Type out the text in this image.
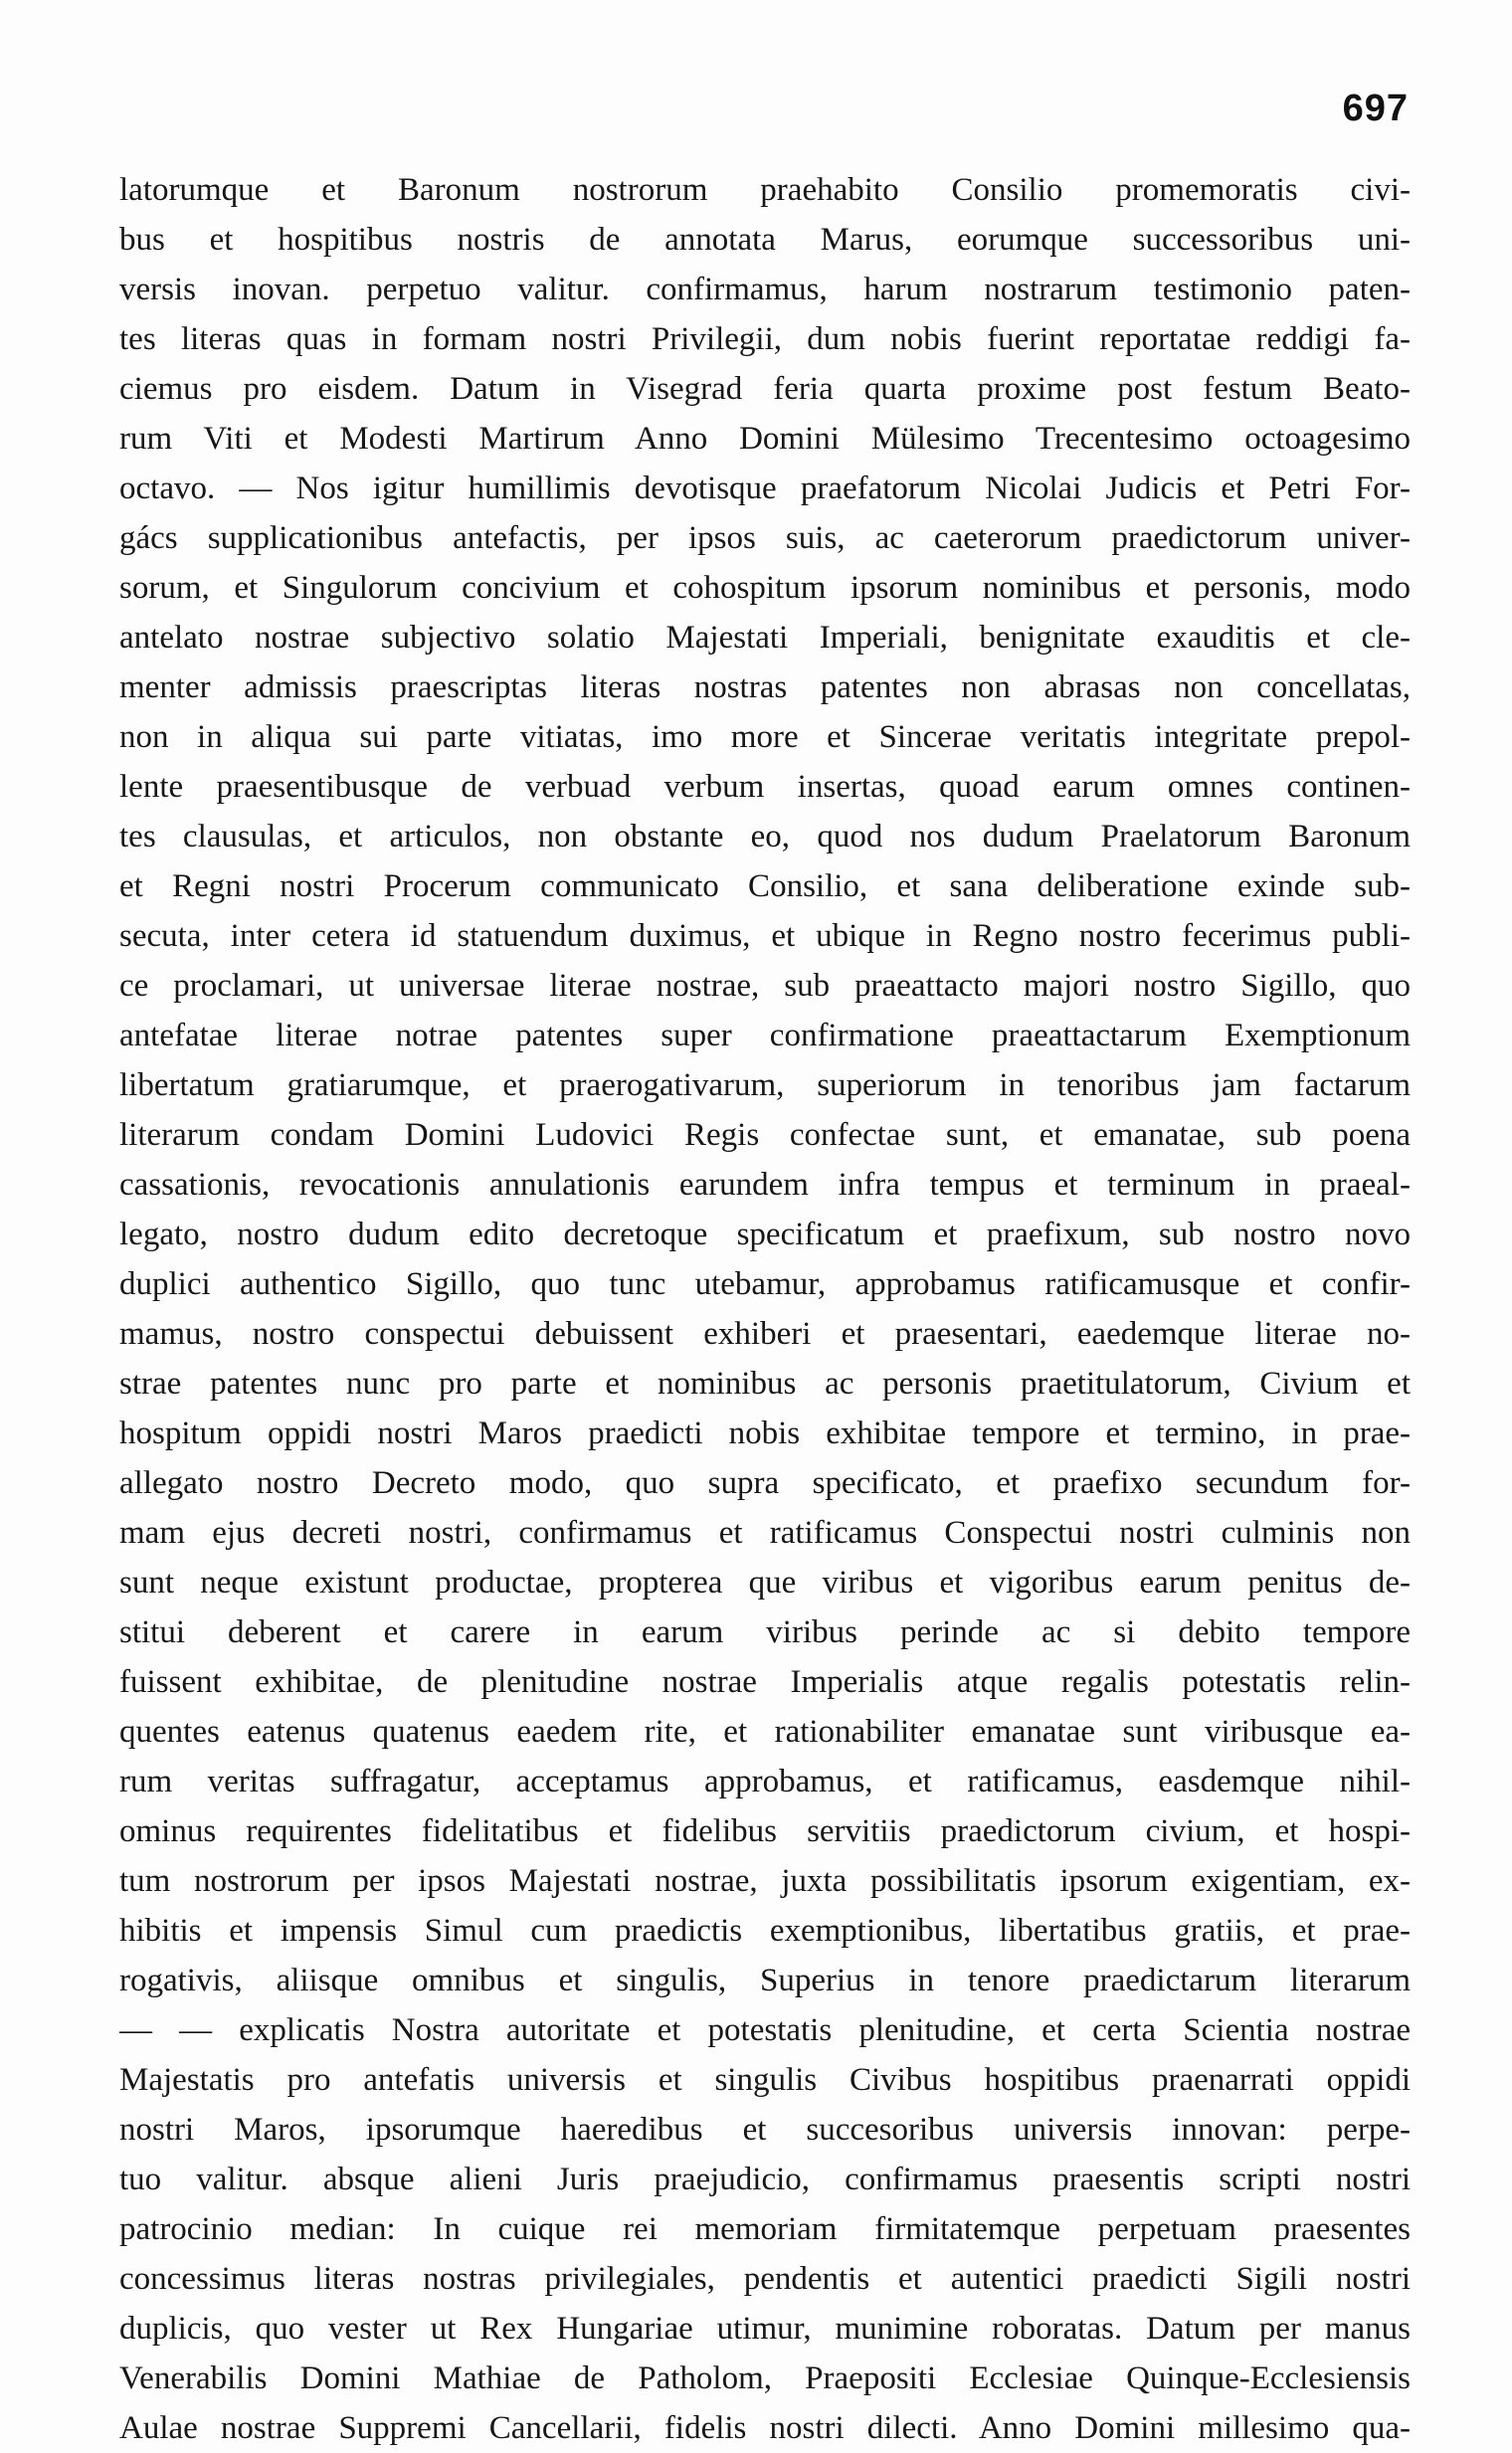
697
latorumque et Baronum nostrorum praehabito Consilio promemoratis civi-
bus et hospitibus nostris de annotata Marus, eorumque successoribus uni-
versis inovan. perpetuo valitur. confirmamus, harum nostrarum testimonio paten-
tes literas quas in formam nostri Privilegii, dum nobis fuerint reportatae reddigi fa-
ciemus pro eisdem. Datum in Visegrad feria quarta proxime post festum Beato-
rum Viti et Modesti Martirum Anno Domini Mülesimo Trecentesimo octoagesimo
octavo. — Nos igitur humillimis devotisque praefatorum Nicolai Judicis et Petri For-
gács supplicationibus antefactis, per ipsos suis, ac caeterorum praedictorum univer-
sorum, et Singulorum concivium et cohospitum ipsorum nominibus et personis, modo
antelato nostrae subjectivo solatio Majestati Imperiali, benignitate exauditis et cle-
menter admissis praescriptas literas nostras patentes non abrasas non concellatas,
non in aliqua sui parte vitiatas, imo more et Sincerae veritatis integritate prepol-
lente praesentibusque de verbuad verbum insertas, quoad earum omnes continen-
tes clausulas, et articulos, non obstante eo, quod nos dudum Praelatorum Baronum
et Regni nostri Procerum communicato Consilio, et sana deliberatione exinde sub-
secuta, inter cetera id statuendum duximus, et ubique in Regno nostro fecerimus publi-
ce proclamari, ut universae literae nostrae, sub praeattacto majori nostro Sigillo, quo
antefatae literae notrae patentes super confirmatione praeattactarum Exemptionum
libertatum gratiarumque, et praerogativarum, superiorum in tenoribus jam factarum
literarum condam Domini Ludovici Regis confectae sunt, et emanatae, sub poena
cassationis, revocationis annulationis earundem infra tempus et terminum in praeal-
legato, nostro dudum edito decretoque specificatum et praefixum, sub nostro novo
duplici authentico Sigillo, quo tunc utebamur, approbamus ratificamusque et confir-
mamus, nostro conspectui debuissent exhiberi et praesentari, eaedemque literae no-
strae patentes nunc pro parte et nominibus ac personis praetitulatorum, Civium et
hospitum oppidi nostri Maros praedicti nobis exhibitae tempore et termino, in prae-
allegato nostro Decreto modo, quo supra specificato, et praefixo secundum for-
mam ejus decreti nostri, confirmamus et ratificamus Conspectui nostri culminis non
sunt neque existunt productae, propterea que viribus et vigoribus earum penitus de-
stitui deberent et carere in earum viribus perinde ac si debito tempore
fuissent exhibitae, de plenitudine nostrae Imperialis atque regalis potestatis relin-
quentes eatenus quatenus eaedem rite, et rationabiliter emanatae sunt viribusque ea-
rum veritas suffragatur, acceptamus approbamus, et ratificamus, easdemque nihil-
ominus requirentes fidelitatibus et fidelibus servitiis praedictorum civium, et hospi-
tum nostrorum per ipsos Majestati nostrae, juxta possibilitatis ipsorum exigentiam, ex-
hibitis et impensis Simul cum praedictis exemptionibus, libertatibus gratiis, et prae-
rogativis, aliisque omnibus et singulis, Superius in tenore praedictarum literarum
— — explicatis Nostra autoritate et potestatis plenitudine, et certa Scientia nostrae
Majestatis pro antefatis universis et singulis Civibus hospitibus praenarrati oppidi
nostri Maros, ipsorumque haeredibus et succesoribus universis innovan: perpe-
tuo valitur. absque alieni Juris praejudicio, confirmamus praesentis scripti nostri
patrocinio median: In cuique rei memoriam firmitatemque perpetuam praesentes
concessimus literas nostras privilegiales, pendentis et autentici praedicti Sigili nostri
duplicis, quo vester ut Rex Hungariae utimur, munimine roboratas. Datum per manus
Venerabilis Domini Mathiae de Patholom, Praepositi Ecclesiae Quinque-Ecclesiensis
Aulae nostrae Suppremi Cancellarii, fidelis nostri dilecti. Anno Domini millesimo qua-
